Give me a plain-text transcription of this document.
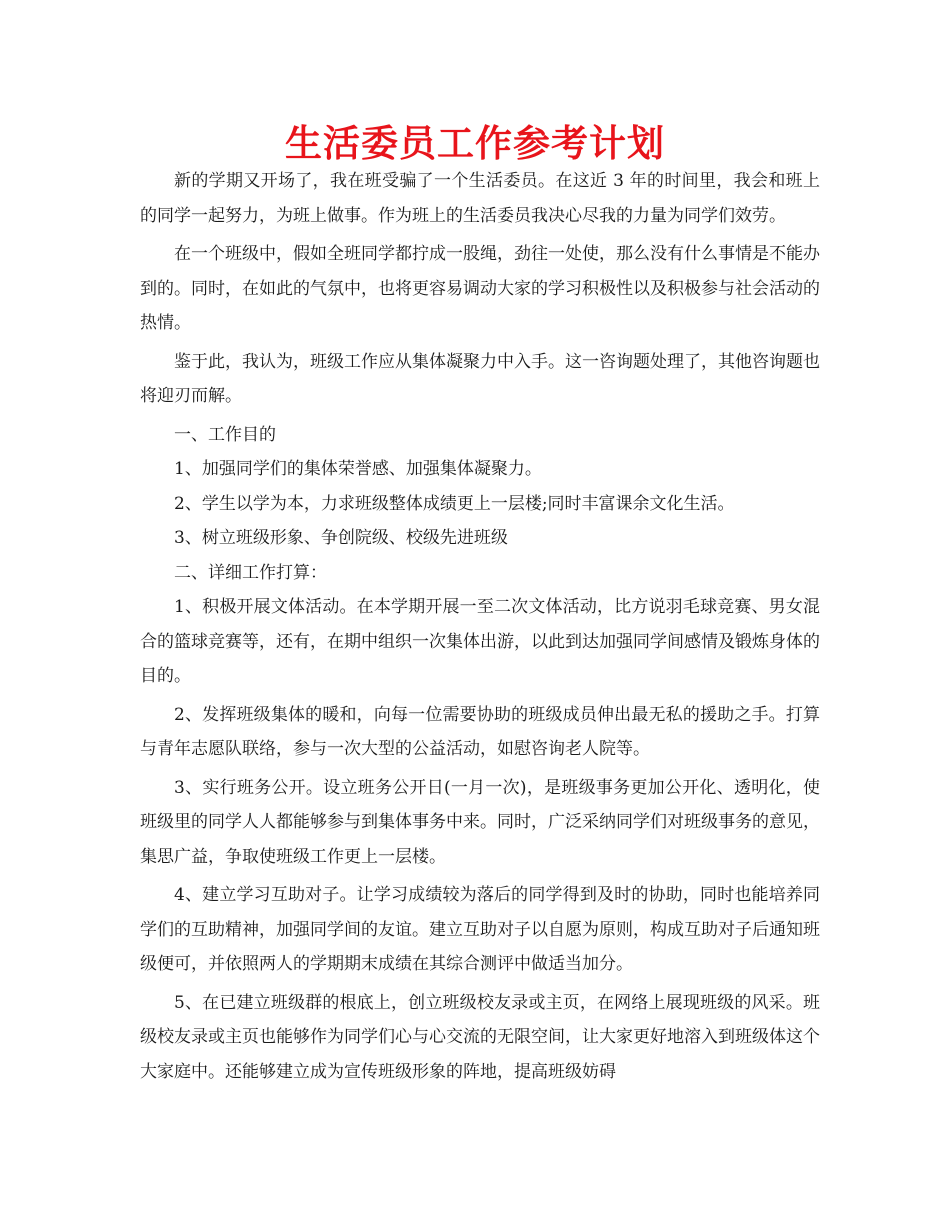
生活委员工作参考计划

新的学期又开场了，我在班受骗了一个生活委员。在这近 3 年的时间里，我会和班上的同学一起努力，为班上做事。作为班上的生活委员我决心尽我的力量为同学们效劳。

在一个班级中，假如全班同学都拧成一股绳，劲往一处使，那么没有什么事情是不能办到的。同时，在如此的气氛中，也将更容易调动大家的学习积极性以及积极参与社会活动的热情。

鉴于此，我认为，班级工作应从集体凝聚力中入手。这一咨询题处理了，其他咨询题也将迎刃而解。

一、工作目的

1、加强同学们的集体荣誉感、加强集体凝聚力。

2、学生以学为本，力求班级整体成绩更上一层楼;同时丰富课余文化生活。

3、树立班级形象、争创院级、校级先进班级

二、详细工作打算：

1、积极开展文体活动。在本学期开展一至二次文体活动，比方说羽毛球竞赛、男女混合的篮球竞赛等，还有，在期中组织一次集体出游，以此到达加强同学间感情及锻炼身体的目的。

2、发挥班级集体的暖和，向每一位需要协助的班级成员伸出最无私的援助之手。打算与青年志愿队联络，参与一次大型的公益活动，如慰咨询老人院等。

3、实行班务公开。设立班务公开日(一月一次)，是班级事务更加公开化、透明化，使班级里的同学人人都能够参与到集体事务中来。同时，广泛采纳同学们对班级事务的意见，集思广益，争取使班级工作更上一层楼。

4、建立学习互助对子。让学习成绩较为落后的同学得到及时的协助，同时也能培养同学们的互助精神，加强同学间的友谊。建立互助对子以自愿为原则，构成互助对子后通知班级便可，并依照两人的学期期末成绩在其综合测评中做适当加分。

5、在已建立班级群的根底上，创立班级校友录或主页，在网络上展现班级的风采。班级校友录或主页也能够作为同学们心与心交流的无限空间，让大家更好地溶入到班级体这个大家庭中。还能够建立成为宣传班级形象的阵地，提高班级妨碍
